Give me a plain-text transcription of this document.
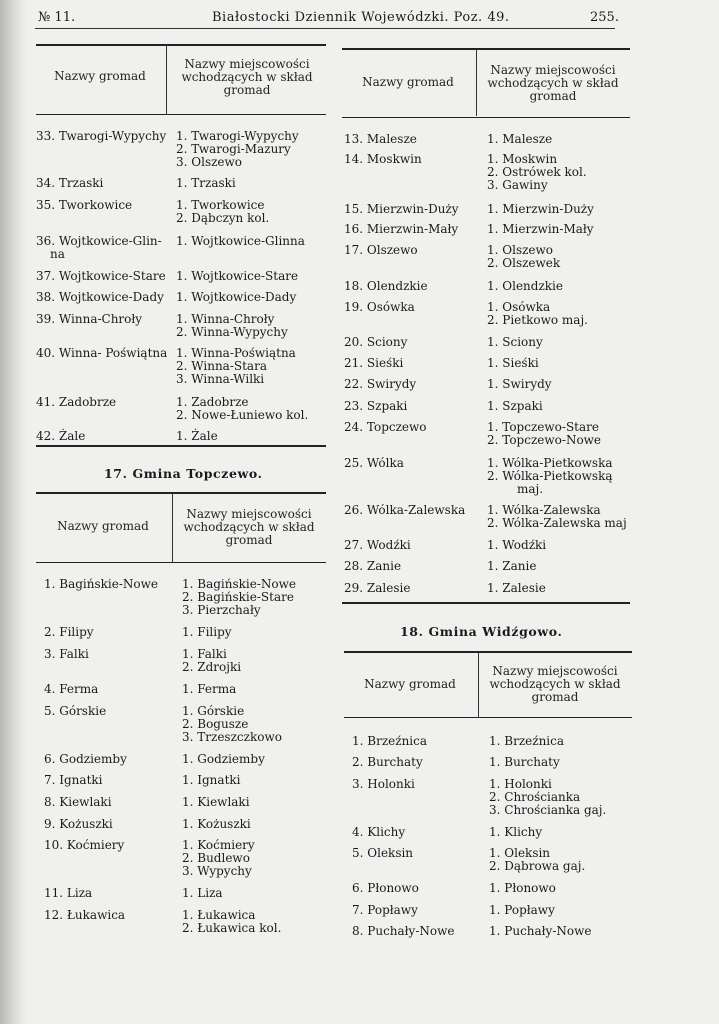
№ 11.	Białostocki Dziennik Wojewódzki. Poz. 49.	255.
Nazwy gromad
Nazwy miejscowości wchodzących w skład gromad
33. Twarogi-Wypychy 1. Twarogi-Wypychy
2. Twarogi-Mazury
3. Olszewo
34. Trzaski	1. Trzaski
35. Tworkowice	1. Tworkowice
2. Dąbczyn kol.
36. Wojtkowice-Glin-
na
1. Wojtkowice-Glinna
37. Wojtkowice-Stare 1. Wojtkowice-Stare
38. Wojtkowice-Dady 1. Wojtkowice-Dady
39. Winna-Chroły	1. Winna-Chroły
2. Winna-Wypychy
40. Winna- Poświątna 1. Winna-Poświątna
2. Winna-Stara
3. Winna-Wilki
41. Zadobrze	1. Zadobrze
2. Nowe-Łuniewo kol.
42. Żale	1. Żale
17. Gmina Topczewo.
Nazwy gromad
Nazwy miejscowości wchodzących w skład gromad
1. Bagińskie-Nowe 1. Bagińskie-Nowe
2. Bagińskie-Stare
3. Pierzchały
2. Filipy	1. Filipy
3. Falki	1. Falki
2. Zdrojki
4. Ferma	1. Ferma
5. Górskie	1. Górskie
2. Bogusze
3. Trzeszczkowo
6. Godziemby	1. Godziemby
7. Ignatki	1. Ignatki
8. Kiewlaki	1. Kiewlaki
9. Kożuszki	1. Kożuszki
10. Koćmiery	1. Koćmiery
2. Budlewo
3. Wypychy
11. Liza	1. Liza
12. Łukawica	1. Łukawica
2. Łukawica kol.
Nazwy gromad
Nazwy miejscowości wchodzących w skład gromad
13. Malesze	1. Malesze
14. Moskwin	1. Moskwin
2. Ostrówek kol.
3. Gawiny
15. Mierzwin-Duży 1. Mierzwin-Duży
16. Mierzwin-Mały 1. Mierzwin-Mały
17. Olszewo	1. Olszewo
2. Olszewek
18. Olendzkie	1. Olendzkie
19. Osówka	1. Osówka
2. Pietkowo maj.
20. Sciony	1. Sciony
21. Sieśki	1. Sieśki
22. Swirydy	1. Swirydy
23. Szpaki	1. Szpaki
24. Topczewo	1. Topczewo-Stare
2. Topczewo-Nowe
25. Wólka	1. Wólka-Pietkowska
2. Wólka-Pietkowską
maj.
26. Wólka-Zalewska 1. Wólka-Zalewska
2. Wólka-Zalewska maj
27. Wodźki	1. Wodźki
28. Zanie	1. Zanie
29. Zalesie	1. Zalesie
18. Gmina Widźgowo.
Nazwy gromad
Nazwy miejscowości wchodzących w skład gromad
1. Brzeźnica	1. Brzeźnica
2. Burchaty	1. Burchaty
3. Holonki	1. Holonki
2. Chrościanka
3. Chrościanka gaj.
4. Klichy	1. Klichy
5. Oleksin	1. Oleksin
2. Dąbrowa gaj.
6. Płonowo	1. Płonowo
7. Popławy	1. Popławy
8. Puchały-Nowe	1. Puchały-Nowe
